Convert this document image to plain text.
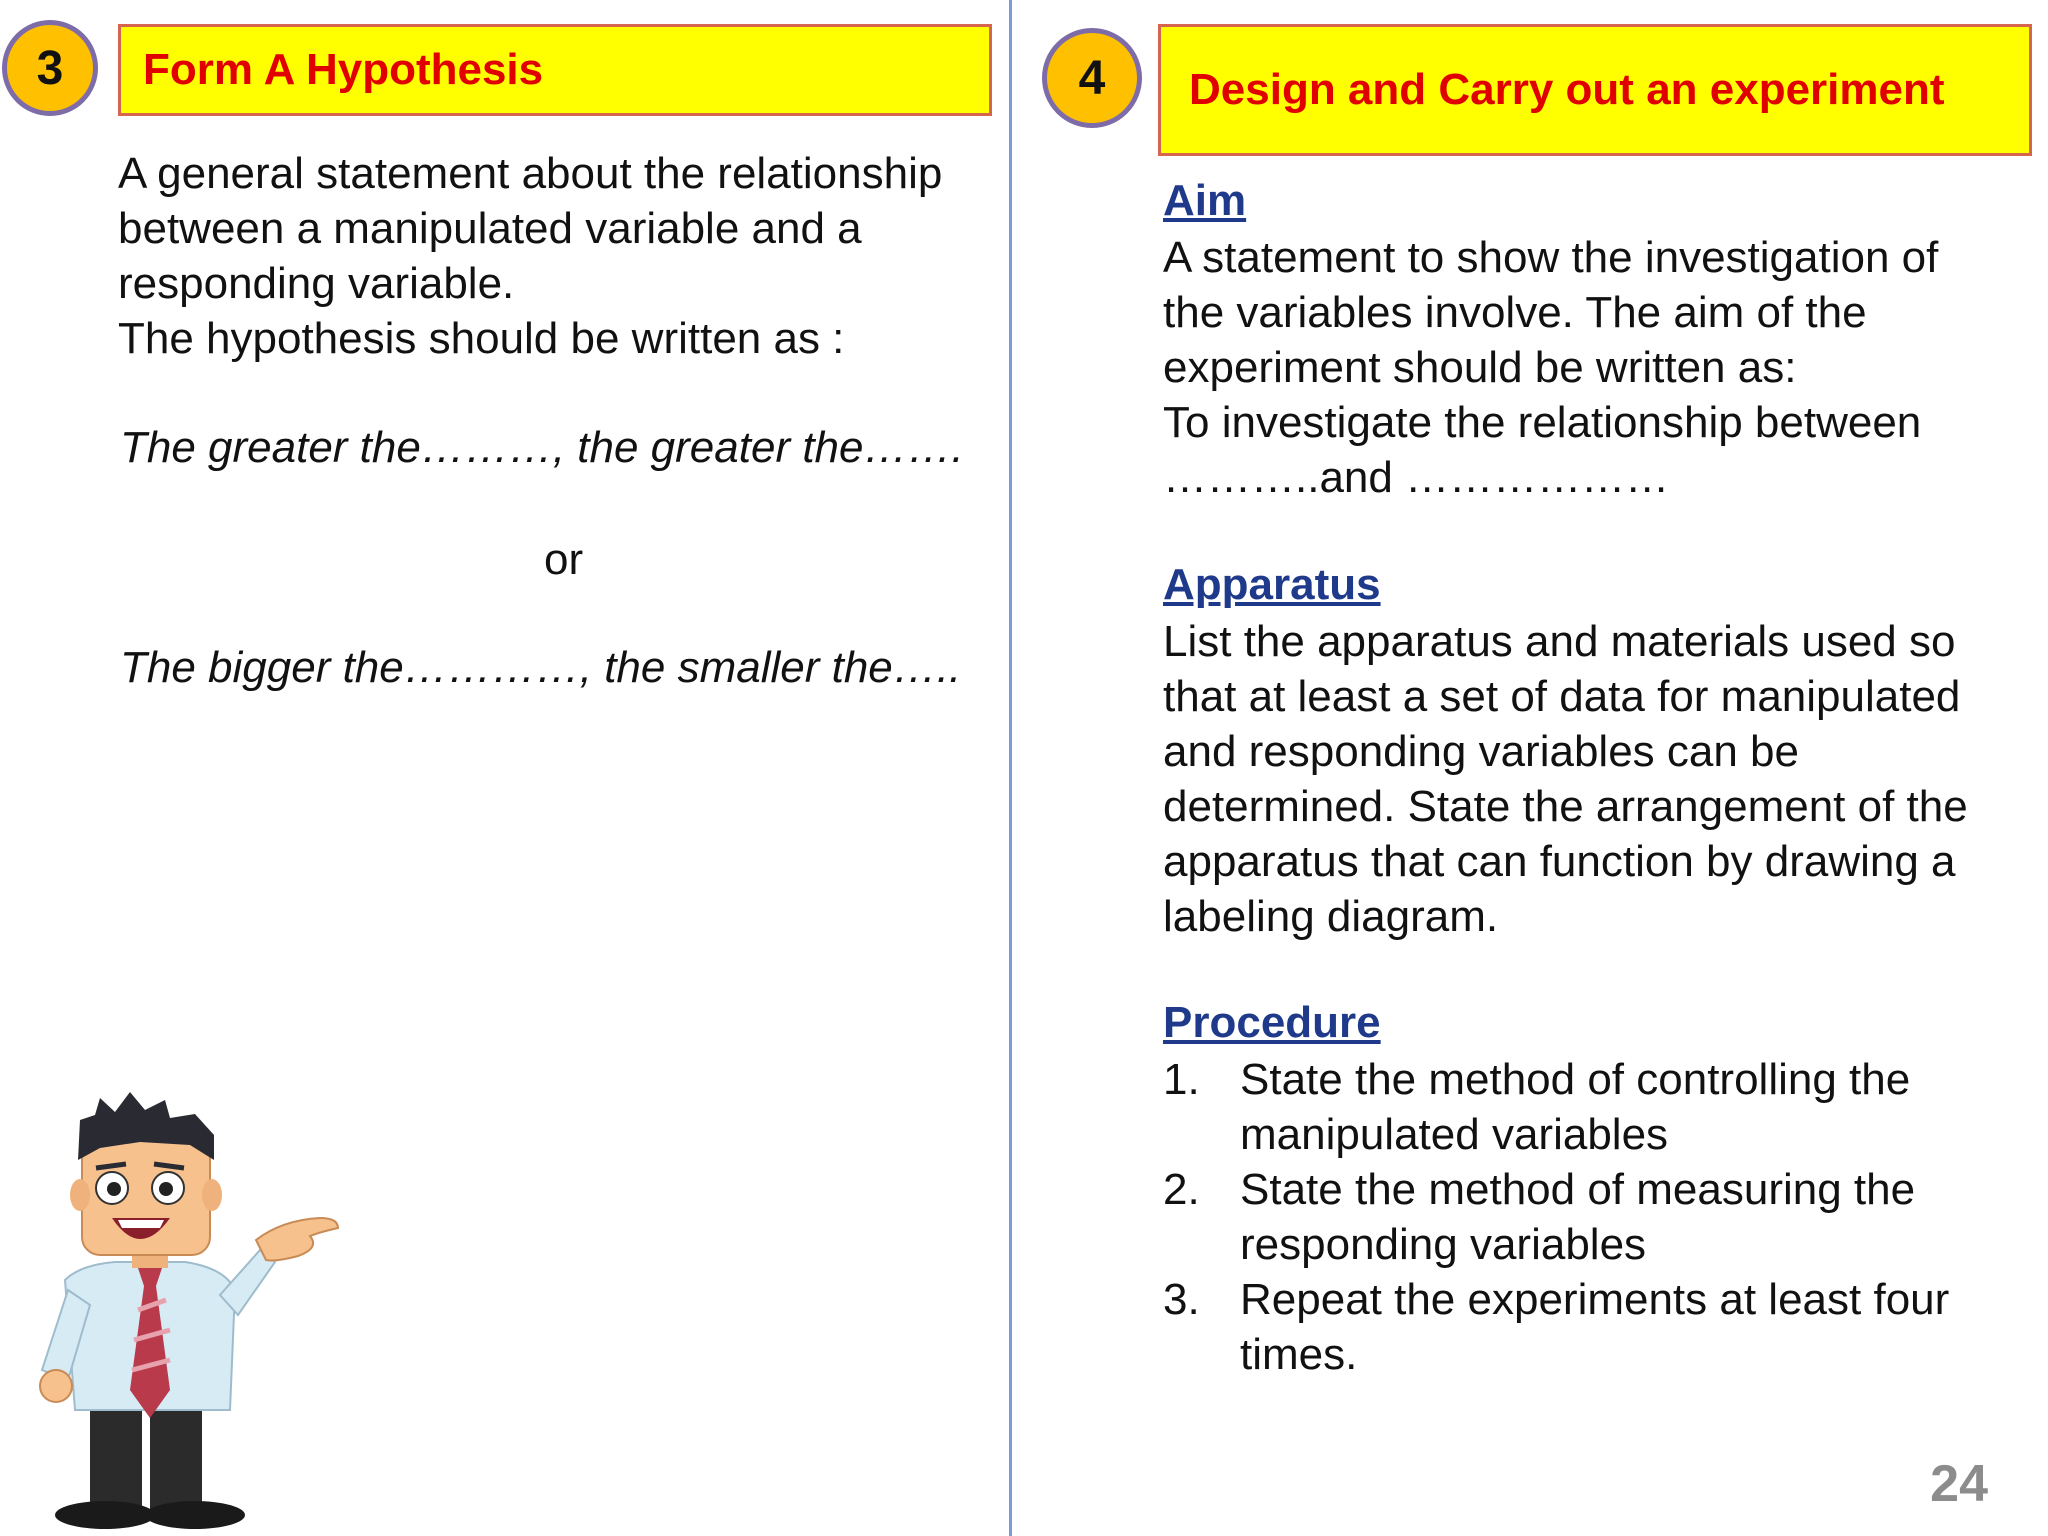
3 Form A Hypothesis
A general statement about the relationship between a manipulated variable and a responding variable.
The hypothesis should be written as :
The greater the………, the greater the…….
or
The bigger the…………, the smaller the…..
4 Design and Carry out an experiment
Aim
A statement to show the investigation of the variables involve. The aim of the experiment should be written as:
To investigate the relationship between ………..and ………………
Apparatus
List the apparatus and materials used so that at least a set of data for manipulated and responding variables can be determined. State the arrangement of the apparatus that can function by drawing a labeling diagram.
Procedure
1. State the method of controlling the manipulated variables
2. State the method of measuring the responding variables
3. Repeat the experiments at least four times.
24
